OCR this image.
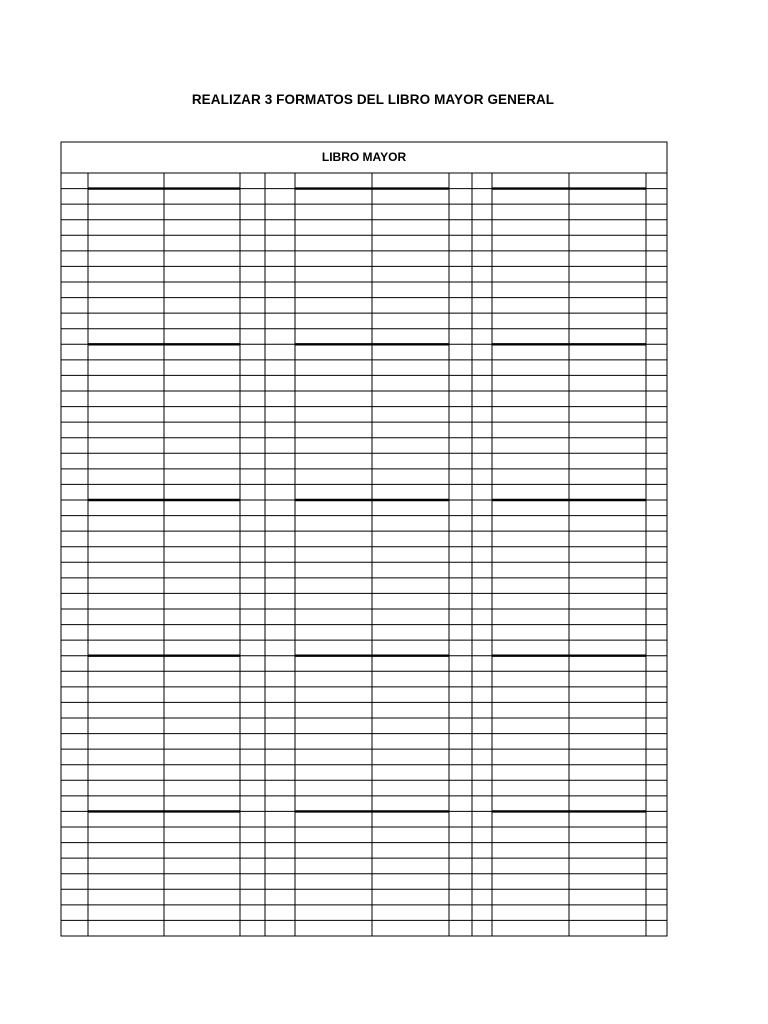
REALIZAR 3 FORMATOS DEL LIBRO MAYOR GENERAL
LIBRO MAYOR
